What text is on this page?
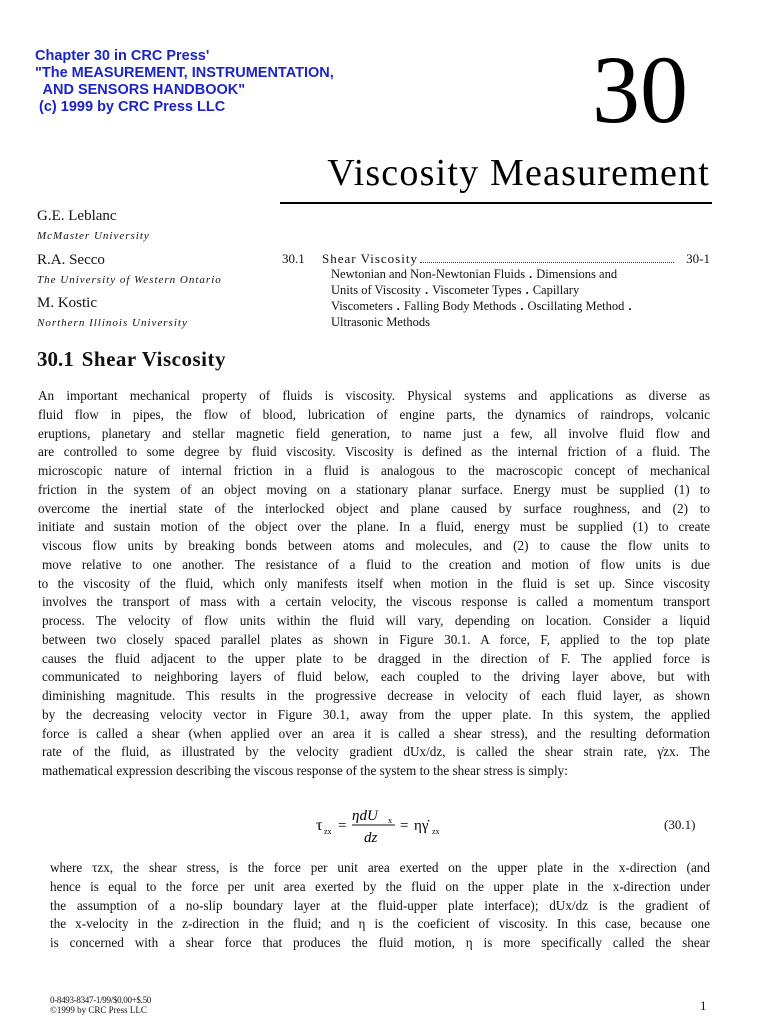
Chapter 30 in CRC Press'
"The MEASUREMENT, INSTRUMENTATION,
AND SENSORS HANDBOOK"
(c) 1999 by CRC Press LLC	30
Viscosity Measurement
G.E. Leblanc
McMaster University
R.A. Secco
The University of Western Ontario
M. Kostic
Northern Illinois University
30.1	Shear Viscosity	30-1
Newtonian and Non-Newtonian Fluids . Dimensions and
Units of Viscosity . Viscometer Types . Capillary
Viscometers . Falling Body Methods . Oscillating Method .
Ultrasonic Methods
30.1 Shear Viscosity
An important mechanical property of fluids is viscosity. Physical systems and applications as diverse as
fluid flow in pipes, the flow of blood, lubrication of engine parts, the dynamics of raindrops, volcanic
eruptions, planetary and stellar magnetic field generation, to name just a few, all involve fluid flow and
are controlled to some degree by fluid viscosity. Viscosity is defined as the internal friction of a fluid. The
microscopic nature of internal friction in a fluid is analogous to the macroscopic concept of mechanical
friction in the system of an object moving on a stationary planar surface. Energy must be supplied (1) to
overcome the inertial state of the interlocked object and plane caused by surface roughness, and (2) to
initiate and sustain motion of the object over the plane. In a fluid, energy must be supplied (1) to create
viscous flow units by breaking bonds between atoms and molecules, and (2) to cause the flow units to
move relative to one another. The resistance of a fluid to the creation and motion of flow units is due
to the viscosity of the fluid, which only manifests itself when motion in the fluid is set up. Since viscosity
involves the transport of mass with a certain velocity, the viscous response is called a momentum transport
process. The velocity of flow units within the fluid will vary, depending on location. Consider a liquid
between two closely spaced parallel plates as shown in Figure 30.1. A force, F, applied to the top plate
causes the fluid adjacent to the upper plate to be dragged in the direction of F. The applied force is
communicated to neighboring layers of fluid below, each coupled to the driving layer above, but with
diminishing magnitude. This results in the progressive decrease in velocity of each fluid layer, as shown
by the decreasing velocity vector in Figure 30.1, away from the upper plate. In this system, the applied
force is called a shear (when applied over an area it is called a shear stress), and the resulting deformation
rate of the fluid, as illustrated by the velocity gradient dUx/dz, is called the shear strain rate, γ̇zx. The
mathematical expression describing the viscous response of the system to the shear stress is simply:
τ zx =
ηdU x
dz
= ηγ̇ zx	(30.1)
where τzx, the shear stress, is the force per unit area exerted on the upper plate in the x-direction (and
hence is equal to the force per unit area exerted by the fluid on the upper plate in the x-direction under
the assumption of a no-slip boundary layer at the fluid-upper plate interface); dUx/dz is the gradient of
the x-velocity in the z-direction in the fluid; and η is the coeficient of viscosity. In this case, because one
is concerned with a shear force that produces the fluid motion, η is more specifically called the shear
0-8493-8347-1/99/$0.00+$.50
©1999 by CRC Press LLC	1
